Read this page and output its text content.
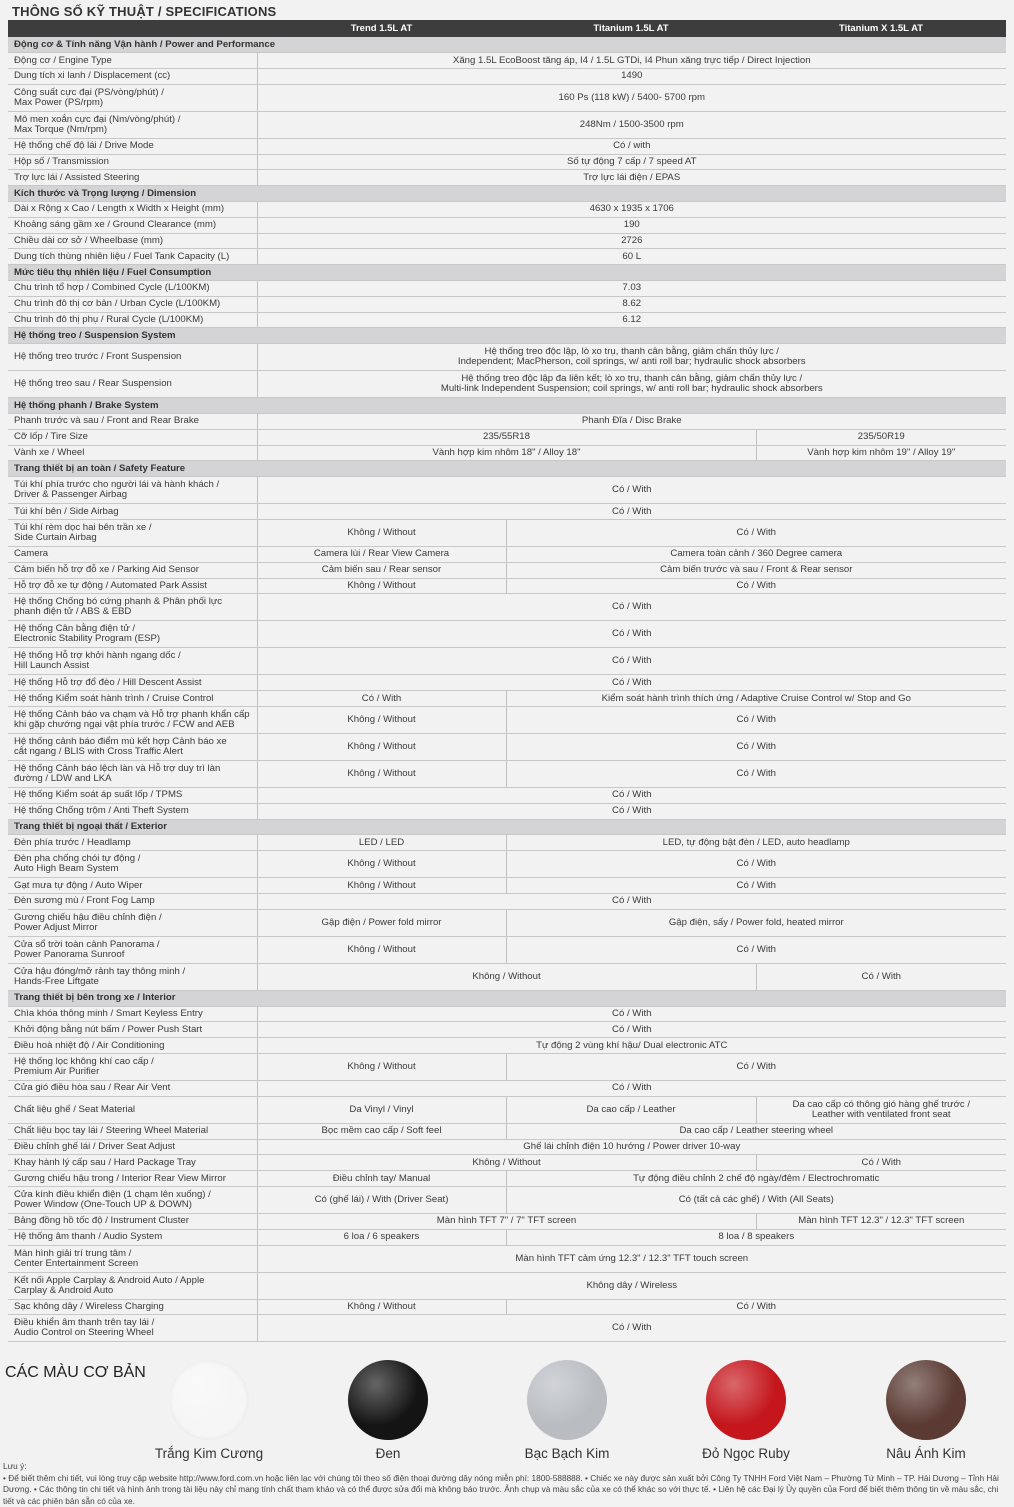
THÔNG SỐ KỸ THUẬT / SPECIFICATIONS
Trend 1.5L AT	Titanium 1.5L AT	Titanium X 1.5L AT
Động cơ & Tính năng Vận hành / Power and Performance			

Động cơ / Engine Type	Xăng 1.5L EcoBoost tăng áp, I4 / 1.5L GTDi, I4 Phun xăng trực tiếp / Direct Injection		

Dung tích xi lanh / Displacement (cc)	1490		

Công suất cực đại (PS/vòng/phút) /
Max Power (PS/rpm)	160 Ps (118 kW) / 5400- 5700 rpm		

Mô men xoắn cực đại (Nm/vòng/phút) /
Max Torque (Nm/rpm)	248Nm / 1500-3500 rpm		

Hệ thống chế độ lái / Drive Mode	Có / with		

Hộp số / Transmission	Số tự động 7 cấp / 7 speed AT		

Trợ lực lái / Assisted Steering	Trợ lực lái điện / EPAS		
Kích thước và Trọng lượng / Dimension			

Dài x Rộng x Cao / Length x Width x Height (mm)	4630 x 1935 x 1706		

Khoảng sáng gầm xe / Ground Clearance (mm)	190		

Chiều dài cơ sở / Wheelbase (mm)	2726		

Dung tích thùng nhiên liệu / Fuel Tank Capacity (L)	60 L		
Mức tiêu thụ nhiên liệu / Fuel Consumption			

Chu trình tổ hợp / Combined Cycle (L/100KM)	7.03		

Chu trình đô thị cơ bản / Urban Cycle (L/100KM)	8.62		

Chu trình đô thị phụ / Rural Cycle (L/100KM)	6.12		
Hệ thống treo / Suspension System			

Hệ thống treo trước / Front Suspension	Hệ thống treo độc lập, lò xo trụ, thanh cân bằng, giảm chấn thủy lực /
Independent; MacPherson, coil springs, w/ anti roll bar; hydraulic shock absorbers		

Hệ thống treo sau / Rear Suspension	Hệ thống treo độc lập đa liên kết; lò xo trụ, thanh cân bằng, giảm chấn thủy lực /
Multi-link Independent Suspension; coil springs, w/ anti roll bar; hydraulic shock absorbers		
Hệ thống phanh / Brake System			

Phanh trước và sau / Front and Rear Brake	Phanh Đĩa / Disc Brake		

Cỡ lốp / Tire Size	235/55R18		235/50R19

Vành xe / Wheel	Vành hợp kim nhôm 18" / Alloy 18"		Vành hợp kim nhôm 19" / Alloy 19"
Trang thiết bị an toàn / Safety Feature			

Túi khí phía trước cho người lái và hành khách /
Driver & Passenger Airbag	Có / With		

Túi khí bên / Side Airbag	Có / With		

Túi khí rèm dọc hai bên trần xe /
Side Curtain Airbag	Không / Without	Có / With	

Camera	Camera lùi / Rear View Camera	Camera toàn cảnh / 360 Degree camera	

Cảm biến hỗ trợ đỗ xe / Parking Aid Sensor	Cảm biến sau / Rear sensor	Cảm biến trước và sau / Front & Rear sensor	

Hỗ trợ đỗ xe tự động / Automated Park Assist	Không / Without	Có / With	

Hệ thống Chống bó cứng phanh & Phân phối lực
phanh điện tử / ABS & EBD	Có / With		

Hệ thống Cân bằng điện tử /
Electronic Stability Program (ESP)	Có / With		

Hệ thống Hỗ trợ khởi hành ngang dốc /
Hill Launch Assist	Có / With		

Hệ thống Hỗ trợ đổ đèo / Hill Descent Assist	Có / With		

Hệ thống Kiểm soát hành trình / Cruise Control	Có / With	Kiểm soát hành trình thích ứng / Adaptive Cruise Control w/ Stop and Go	

Hệ thống Cảnh báo va chạm và Hỗ trợ phanh khẩn cấp
khi gặp chướng ngại vật phía trước / FCW and AEB	Không / Without	Có / With	

Hệ thống cảnh báo điểm mù kết hợp Cảnh báo xe
cắt ngang / BLIS with Cross Traffic Alert	Không / Without	Có / With	

Hệ thống Cảnh báo lệch làn và Hỗ trợ duy trì làn
đường / LDW and LKA	Không / Without	Có / With	

Hệ thống Kiểm soát áp suất lốp / TPMS	Có / With		

Hệ thống Chống trộm / Anti Theft System	Có / With		
Trang thiết bị ngoại thất / Exterior			

Đèn phía trước / Headlamp	LED / LED	LED, tự động bật đèn / LED, auto headlamp	

Đèn pha chống chói tự động /
Auto High Beam System	Không / Without	Có / With	

Gạt mưa tự động / Auto Wiper	Không / Without	Có / With	

Đèn sương mù / Front Fog Lamp	Có / With		

Gương chiếu hậu điều chỉnh điện /
Power Adjust Mirror	Gập điện / Power fold mirror	Gập điện, sấy / Power fold, heated mirror	

Cửa sổ trời toàn cảnh Panorama /
Power Panorama Sunroof	Không / Without	Có / With	

Cửa hậu đóng/mở rảnh tay thông minh /
Hands-Free Liftgate	Không / Without		Có / With
Trang thiết bị bên trong xe / Interior			

Chìa khóa thông minh / Smart Keyless Entry	Có / With		

Khởi động bằng nút bấm / Power Push Start	Có / With		

Điều hoà nhiệt độ / Air Conditioning	Tự động 2 vùng khí hậu/ Dual electronic ATC		

Hệ thống lọc không khí cao cấp /
Premium Air Purifier	Không / Without	Có / With	

Cửa gió điều hòa sau / Rear Air Vent	Có / With		

Chất liệu ghế / Seat Material	Da Vinyl / Vinyl	Da cao cấp / Leather	Da cao cấp có thông gió hàng ghế trước /
Leather with ventilated front seat

Chất liệu bọc tay lái / Steering Wheel Material	Bọc mềm cao cấp / Soft feel	Da cao cấp / Leather steering wheel	

Điều chỉnh ghế lái / Driver Seat Adjust	Ghế lái chỉnh điện 10 hướng / Power driver 10-way		

Khay hành lý cấp sau / Hard Package Tray	Không / Without		Có / With

Gương chiếu hậu trong / Interior Rear View Mirror	Điều chỉnh tay/ Manual	Tự động điều chỉnh 2 chế độ ngày/đêm / Electrochromatic	

Cửa kính điều khiển điện (1 chạm lên xuống) /
Power Window (One-Touch UP & DOWN)	Có (ghế lái) / With (Driver Seat)	Có (tất cả các ghế) / With (All Seats)	

Bảng đồng hồ tốc độ / Instrument Cluster	Màn hình TFT 7" / 7" TFT screen		Màn hình TFT 12.3" / 12.3" TFT screen

Hệ thống âm thanh / Audio System	6 loa / 6 speakers	8 loa / 8 speakers	

Màn hình giải trí trung tâm /
Center Entertainment Screen	Màn hình TFT cảm ứng 12.3" / 12.3" TFT touch screen		

Kết nối Apple Carplay & Android Auto / Apple
Carplay & Android Auto	Không dây / Wireless		

Sạc không dây / Wireless Charging	Không / Without	Có / With	

Điều khiển âm thanh trên tay lái /
Audio Control on Steering Wheel	Có / With		
CÁC MÀU CƠ BẢN
Trắng Kim Cương	Đen	Bạc Bạch Kim	Đỏ Ngọc Ruby	Nâu Ánh Kim
Lưu ý:
• Để biết thêm chi tiết, vui lòng truy cập website http://www.ford.com.vn hoặc liên lạc với chúng tôi theo số điện thoại đường dây nóng miễn phí: 1800-588888. • Chiếc xe này được sản xuất bởi Công Ty TNHH Ford Việt Nam – Phường Tứ Minh – TP. Hải Dương – Tỉnh Hải Dương. • Các thông tin chi tiết và hình ảnh trong tài liệu này chỉ mang tính chất tham khảo và có thể được sửa đổi mà không báo trước. Ảnh chụp và màu sắc của xe có thể khác so với thực tế. • Liên hệ các Đại lý Ủy quyền của Ford để biết thêm thông tin về màu sắc, chi tiết và các phiên bản sẵn có của xe.
